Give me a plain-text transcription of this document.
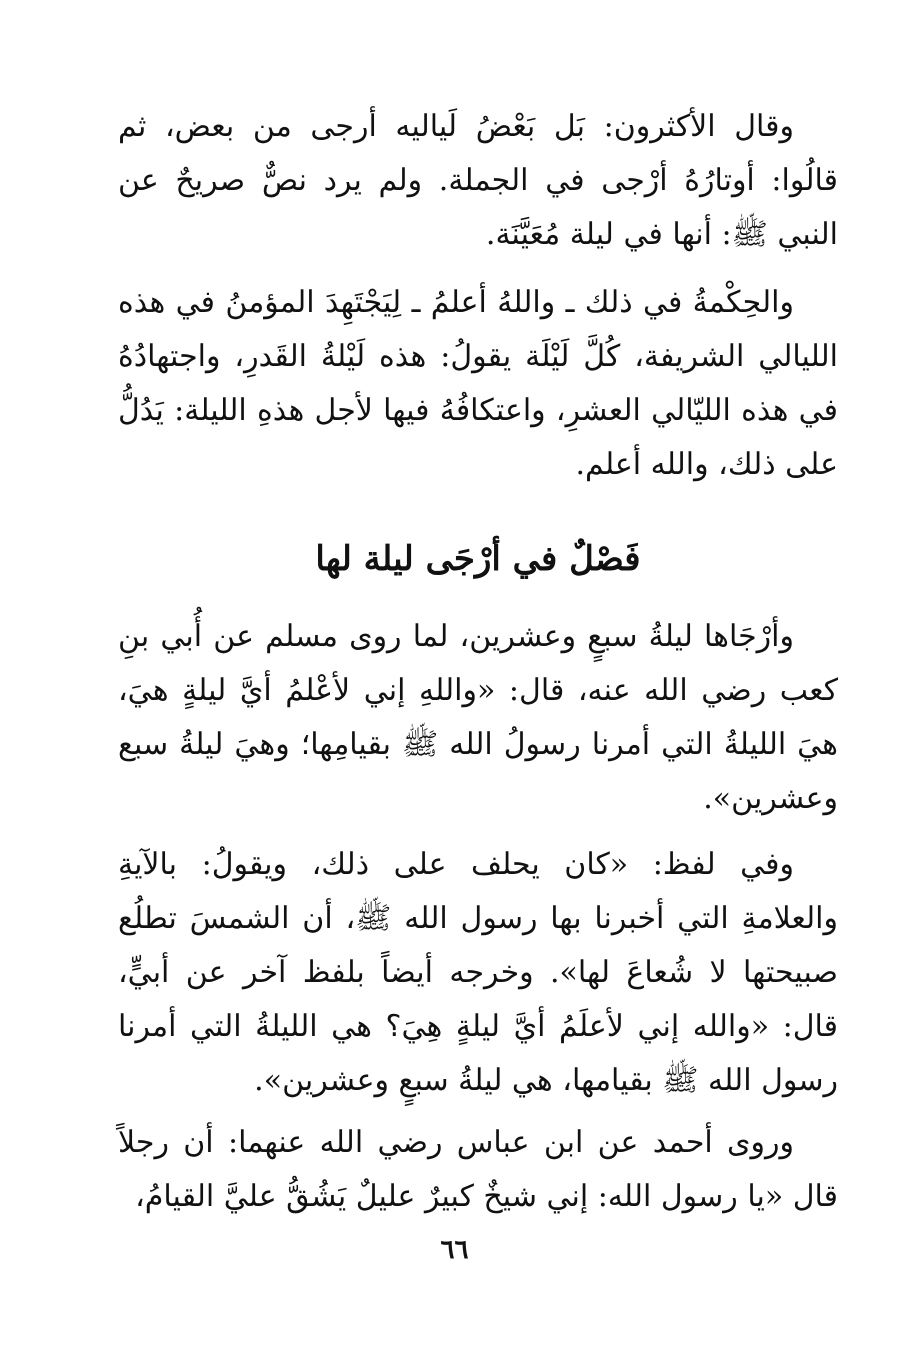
وقال الأكثرون: بَل بَعْضُ لَياليه أرجى من بعض، ثم قالُوا: أوتارُهُ أرْجى في الجملة. ولم يرد نصٌّ صريحٌ عن النبي ﷺ: أنها في ليلة مُعَيَّنَة.

والحِكْمةُ في ذلك ـ واللهُ أعلمُ ـ لِيَجْتَهِدَ المؤمنُ في هذه الليالي الشريفة، كُلَّ لَيْلَة يقولُ: هذه لَيْلةُ القَدرِ، واجتهادُهُ في هذه الليّالي العشرِ، واعتكافُهُ فيها لأجل هذهِ الليلة: يَدُلُّ على ذلك، والله أعلم.

فَصْلٌ في أرْجَى ليلة لها

وأرْجَاها ليلةُ سبعٍ وعشرين، لما روى مسلم عن أُبي بنِ كعب رضي الله عنه، قال: «واللهِ إني لأعْلمُ أيَّ ليلةٍ هيَ، هيَ الليلةُ التي أمرنا رسولُ الله ﷺ بقيامِها؛ وهيَ ليلةُ سبع وعشرين».

وفي لفظ: «كان يحلف على ذلك، ويقولُ: بالآيةِ والعلامةِ التي أخبرنا بها رسول الله ﷺ، أن الشمسَ تطلُع صبيحتها لا شُعاعَ لها». وخرجه أيضاً بلفظ آخر عن أبيٍّ، قال: «والله إني لأعلَمُ أيَّ ليلةٍ هِيَ؟ هي الليلةُ التي أمرنا رسول الله ﷺ بقيامها، هي ليلةُ سبعٍ وعشرين».

وروى أحمد عن ابن عباس رضي الله عنهما: أن رجلاً قال «يا رسول الله: إني شيخٌ كبيرٌ عليلٌ يَشُقُّ عليَّ القيامُ،

٦٦
